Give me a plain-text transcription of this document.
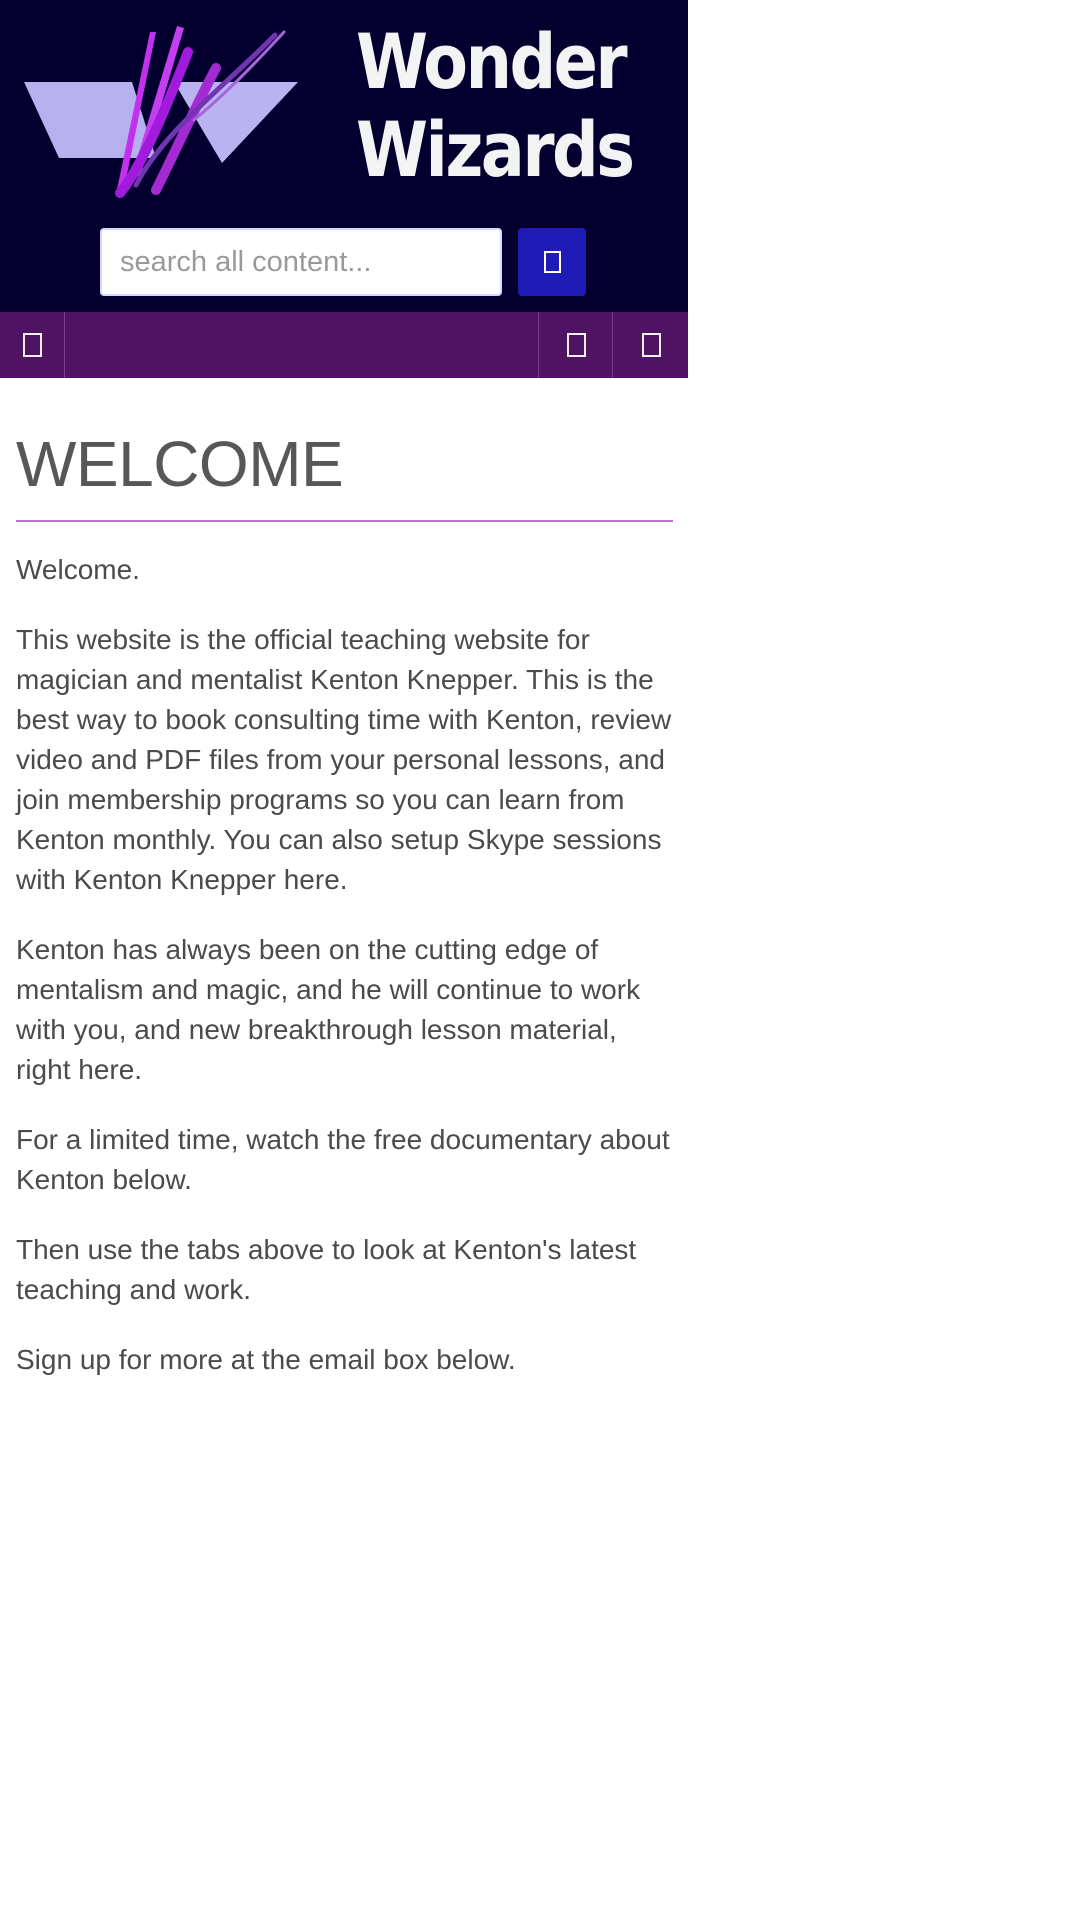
Wonder
Wizards
search all content...
WELCOME

Welcome.

This website is the official teaching website for magician and mentalist Kenton Knepper. This is the best way to book consulting time with Kenton, review video and PDF files from your personal lessons, and join membership programs so you can learn from Kenton monthly. You can also setup Skype sessions with Kenton Knepper here.

Kenton has always been on the cutting edge of mentalism and magic, and he will continue to work with you, and new breakthrough lesson material, right here.

For a limited time, watch the free documentary about Kenton below.

Then use the tabs above to look at Kenton's latest teaching and work.

Sign up for more at the email box below.
